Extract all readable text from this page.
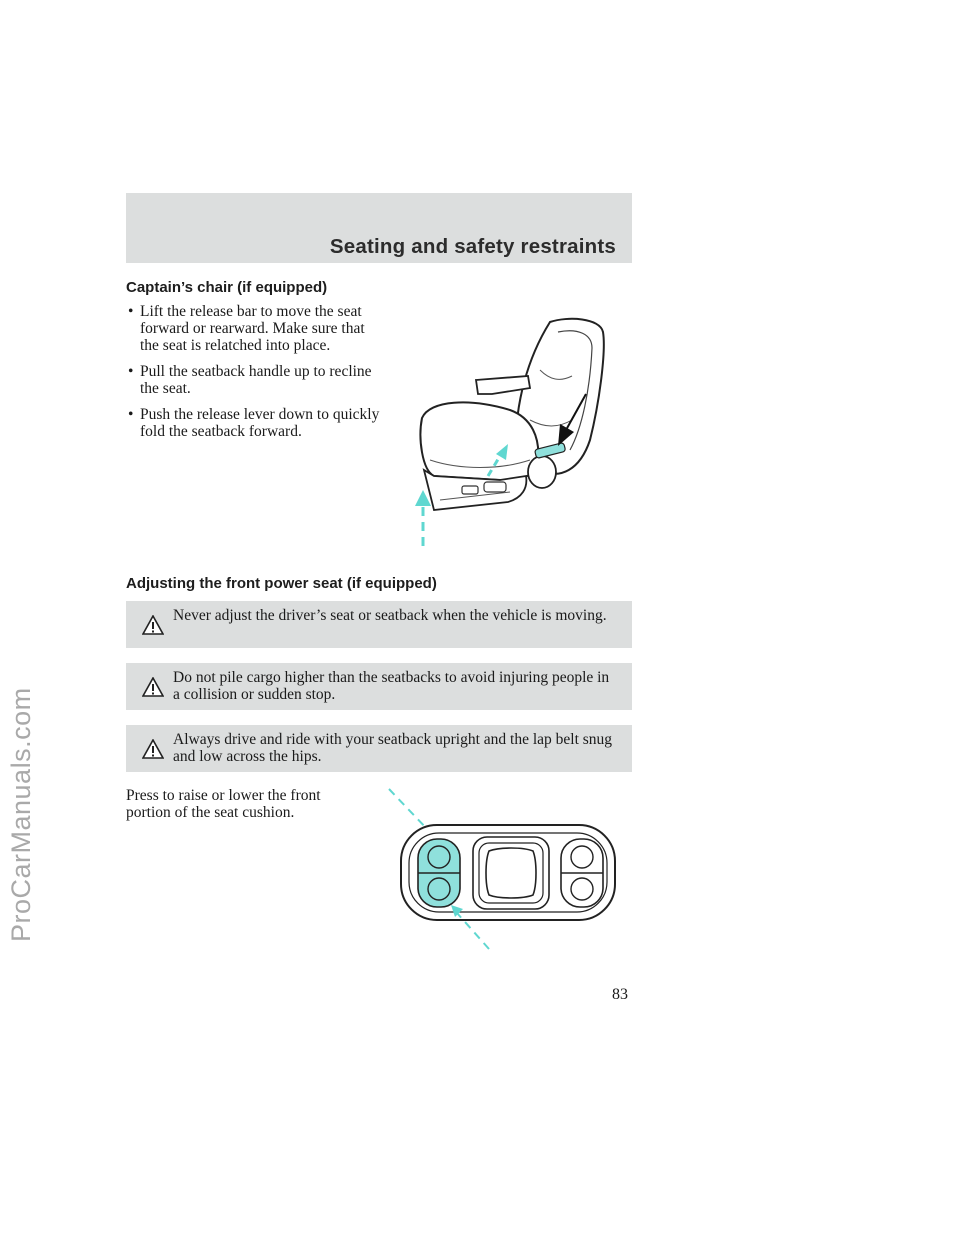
ProCarManuals.com
Seating and safety restraints
Captain’s chair (if equipped)
• Lift the release bar to move the seat forward or rearward. Make sure that the seat is relatched into place.
• Pull the seatback handle up to recline the seat.
• Push the release lever down to quickly fold the seatback forward.
Adjusting the front power seat (if equipped)
Never adjust the driver’s seat or seatback when the vehicle is moving.
Do not pile cargo higher than the seatbacks to avoid injuring people in a collision or sudden stop.
Always drive and ride with your seatback upright and the lap belt snug and low across the hips.
Press to raise or lower the front portion of the seat cushion.
83
